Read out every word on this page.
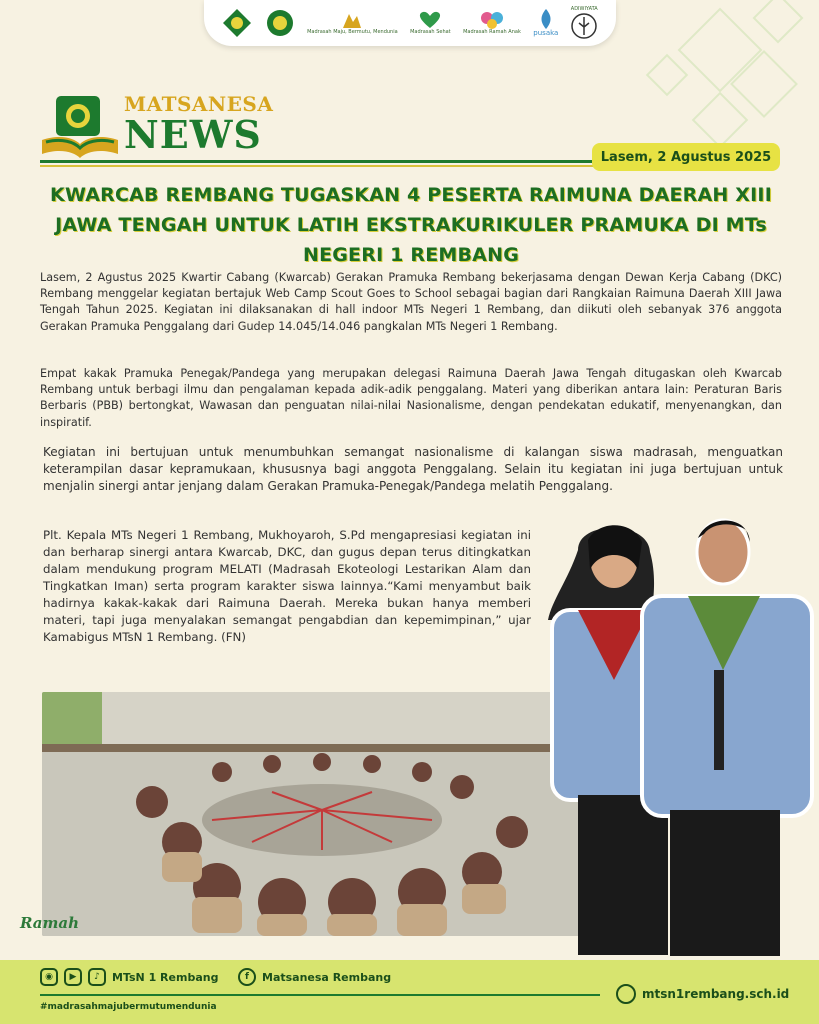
Madrasah Maju, Bermutu, Mendunia Madrasah Sehat Madrasah Ramah Anak pusaka
ADIWIYATA
MATSANESA
NEWS	Lasem, 2 Agustus 2025
KWARCAB REMBANG TUGASKAN 4 PESERTA RAIMUNA DAERAH XIII JAWA TENGAH UNTUK LATIH EKSTRAKURIKULER PRAMUKA DI MTs NEGERI 1 REMBANG

Lasem, 2 Agustus 2025 Kwartir Cabang (Kwarcab) Gerakan Pramuka Rembang bekerjasama dengan Dewan Kerja Cabang (DKC) Rembang menggelar kegiatan bertajuk Web Camp Scout Goes to School sebagai bagian dari Rangkaian Raimuna Daerah XIII Jawa Tengah Tahun 2025. Kegiatan ini dilaksanakan di hall indoor MTs Negeri 1 Rembang, dan diikuti oleh sebanyak 376 anggota Gerakan Pramuka Penggalang dari Gudep 14.045/14.046 pangkalan MTs Negeri 1 Rembang.

Empat kakak Pramuka Penegak/Pandega yang merupakan delegasi Raimuna Daerah Jawa Tengah ditugaskan oleh Kwarcab Rembang untuk berbagi ilmu dan pengalaman kepada adik-adik penggalang. Materi yang diberikan antara lain: Peraturan Baris Berbaris (PBB) bertongkat, Wawasan dan penguatan nilai-nilai Nasionalisme, dengan pendekatan edukatif, menyenangkan, dan inspiratif.

Kegiatan ini bertujuan untuk menumbuhkan semangat nasionalisme di kalangan siswa madrasah, menguatkan keterampilan dasar kepramukaan, khususnya bagi anggota Penggalang. Selain itu kegiatan ini juga bertujuan untuk menjalin sinergi antar jenjang dalam Gerakan Pramuka-Penegak/Pandega melatih Penggalang.

Plt. Kepala MTs Negeri 1 Rembang, Mukhoyaroh, S.Pd mengapresiasi kegiatan ini dan berharap sinergi antara Kwarcab, DKC, dan gugus depan terus ditingkatkan dalam mendukung program MELATI (Madrasah Ekoteologi Lestarikan Alam dan Tingkatkan Iman) serta program karakter siswa lainnya.“Kami menyambut baik hadirnya kakak-kakak dari Raimuna Daerah. Mereka bukan hanya memberi materi, tapi juga menyalakan semangat pengabdian dan kepemimpinan,” ujar Kamabigus MTsN 1 Rembang. (FN)

Ramah
◉	▶	♪	MTsN 1 Rembang	f	Matsanesa Rembang
#madrasahmajubermutumendunia
mtsn1rembang.sch.id
